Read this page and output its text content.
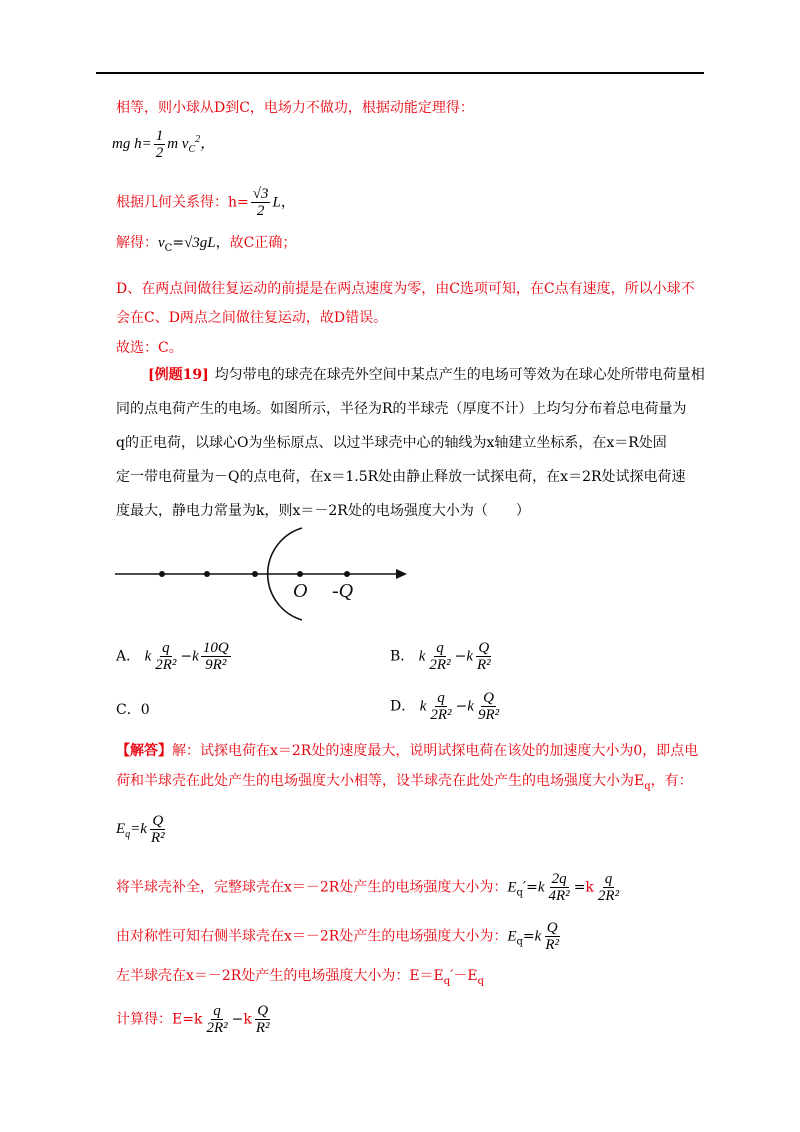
相等，则小球从D到C，电场力不做功，根据动能定理得：
mg $h= \frac{1}{2}$ m $v_C^2$，
根据几何关系得：$h= \frac{√3}{2}$ L，
解得：$v_C=√3gL$，故C正确；
D、在两点间做往复运动的前提是在两点速度为零，由C选项可知，在C点有速度，所以小球不
会在C、D两点之间做往复运动，故D错误。
故选：C。
[例题19] 均匀带电的球壳在球壳外空间中某点产生的电场可等效为在球心处所带电荷量相
同的点电荷产生的电场。如图所示，半径为R的半球壳（厚度不计）上均匀分布着总电荷量为
q的正电荷，以球心O为坐标原点、以过半球壳中心的轴线为x轴建立坐标系，在x＝R处固
定一带电荷量为－Q的点电荷，在x＝1.5R处由静止释放一试探电荷，在x＝2R处试探电荷速
度最大，静电力常量为k，则x＝－2R处的电场强度大小为（　　）
O -Q
A． k $\frac{q}{\text{2R²}} -k \frac{10Q}{\text{9R²}}$	B． k $\frac{q}{\text{2R²}} -k \frac{Q}{\text{R²}}$
C．0	D． k $\frac{q}{\text{2R²}} -k \frac{Q}{\text{9R²}}$
【解答】解：试探电荷在x＝2R处的速度最大，说明试探电荷在该处的加速度大小为0，即点电
荷和半球壳在此处产生的电场强度大小相等，设半球壳在此处产生的电场强度大小为$E_q$，有：
$E_q=k \frac{Q}{\text{R²}}$
将半球壳补全，完整球壳在x＝－2R处产生的电场强度大小为：$E_q'=k \frac{2q}{\text{4R²}} =k \frac{q}{\text{2R²}}$
由对称性可知右侧半球壳在x＝－2R处产生的电场强度大小为：$E_q=k \frac{Q}{\text{R²}}$
左半球壳在x＝－2R处产生的电场强度大小为：$E=E_q'-E_q$
计算得：$E=k \frac{q}{\text{2R²}} -k \frac{Q}{\text{R²}}$
